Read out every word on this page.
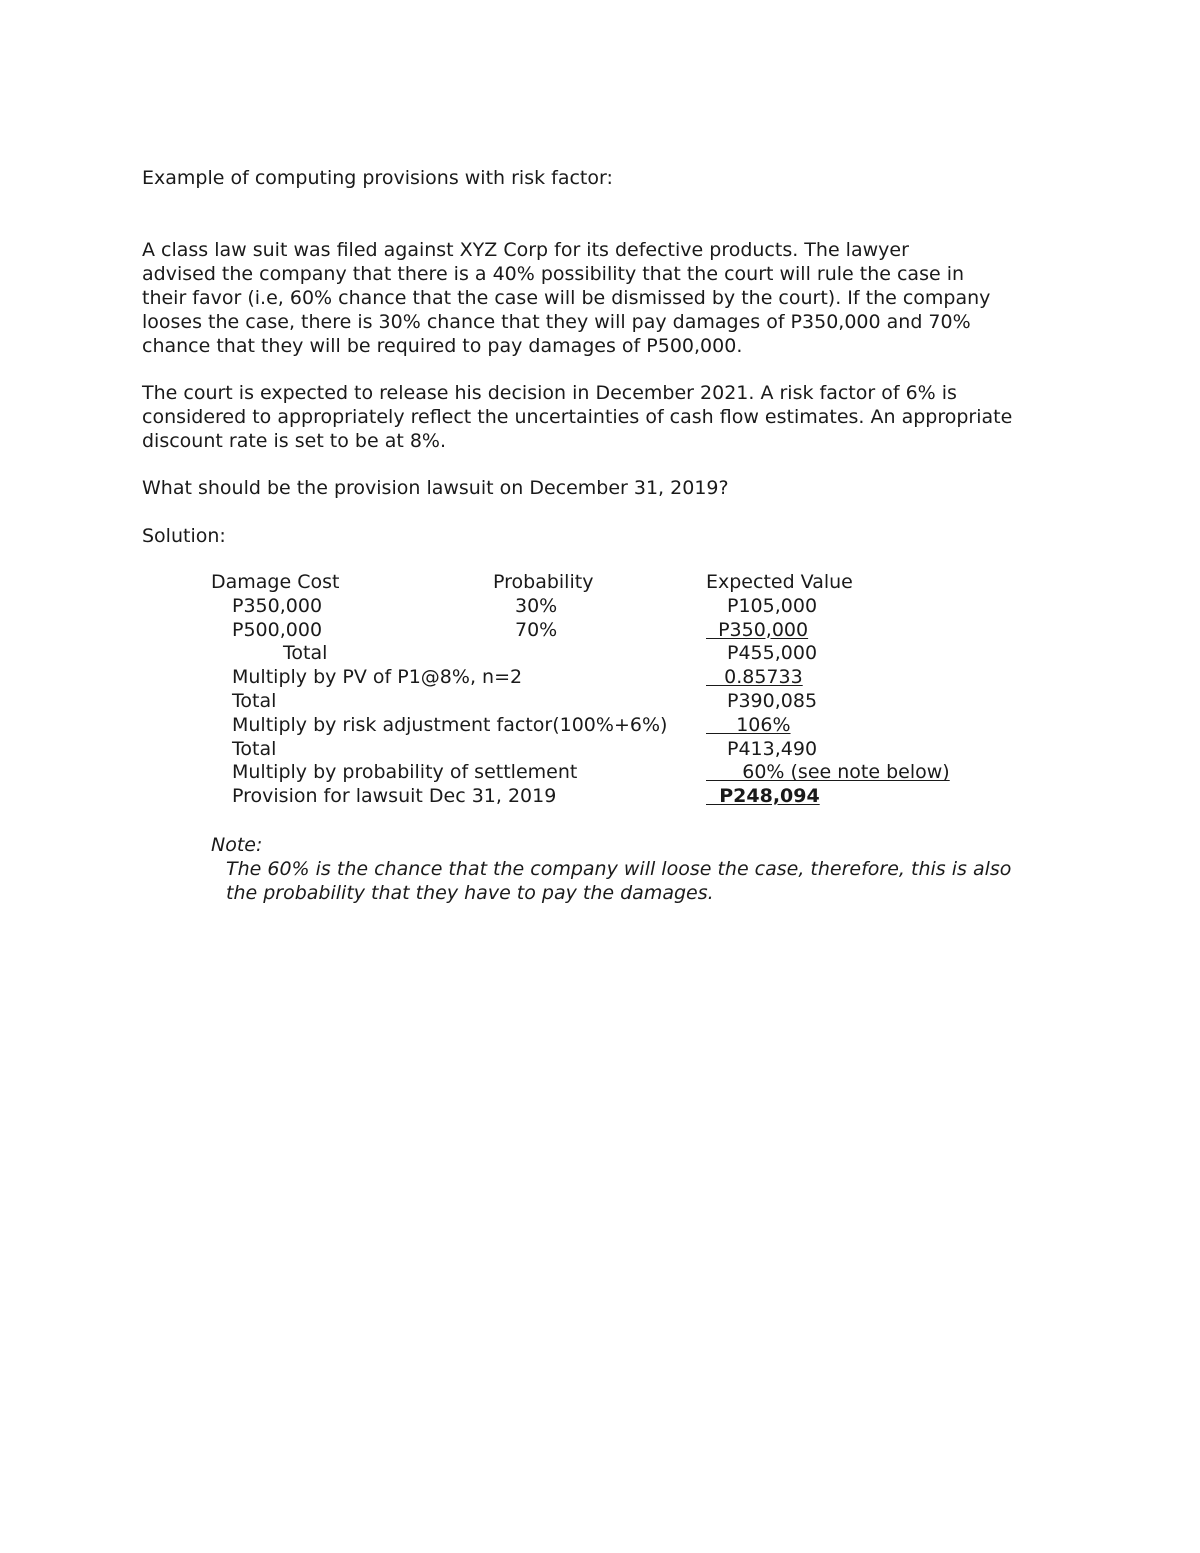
Example of computing provisions with risk factor:

A class law suit was filed against XYZ Corp for its defective products. The lawyer
advised the company that there is a 40% possibility that the court will rule the case in
their favor (i.e, 60% chance that the case will be dismissed by the court). If the company
looses the case, there is 30% chance that they will pay damages of P350,000 and 70%
chance that they will be required to pay damages of P500,000.

The court is expected to release his decision in December 2021. A risk factor of 6% is
considered to appropriately reflect the uncertainties of cash flow estimates. An appropriate
discount rate is set to be at 8%.

What should be the provision lawsuit on December 31, 2019?

Solution:

Damage Cost	Probability	Expected Value
P350,000	30%	P105,000
P500,000	70%	P350,000
Total	P455,000
Multiply by PV of P1@8%, n=2	0.85733
Total	P390,085
Multiply by risk adjustment factor(100%+6%) 106%
Total	P413,490
Multiply by probability of settlement	60% (see note below)
Provision for lawsuit Dec 31, 2019	P248,094
Note:
The 60% is the chance that the company will loose the case, therefore, this is also
the probability that they have to pay the damages.
